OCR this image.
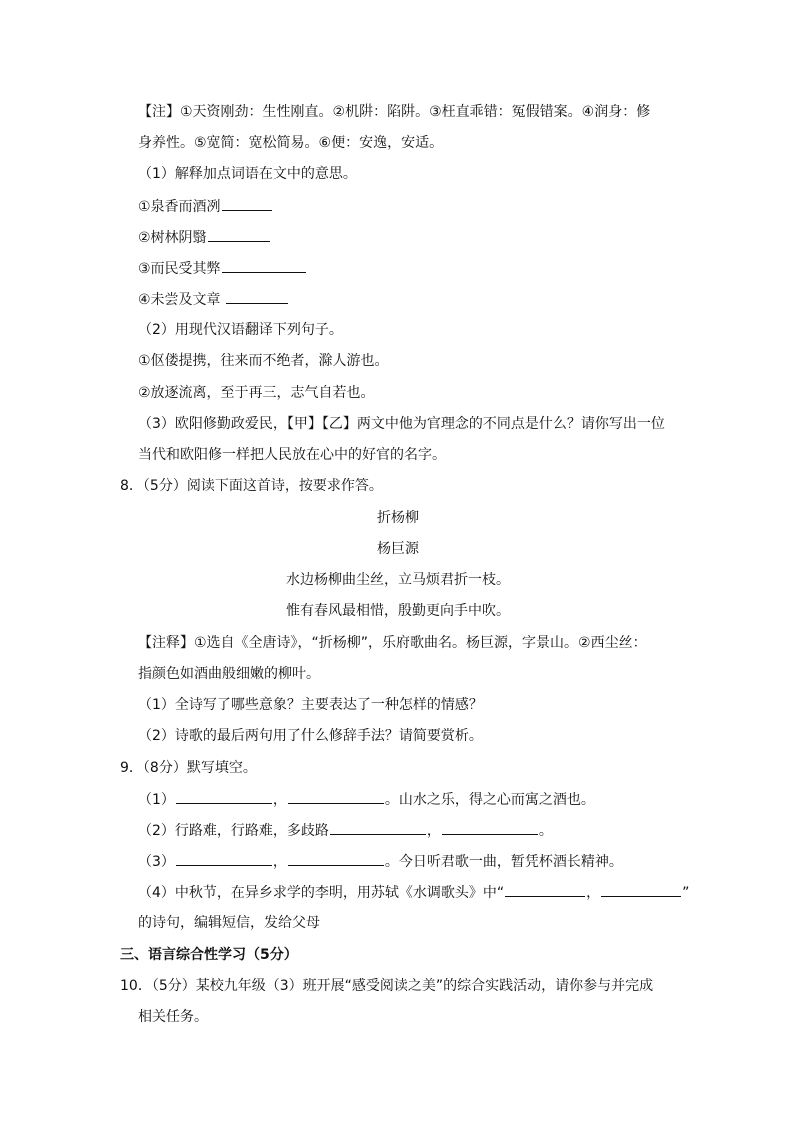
【注】①天资刚劲：生性刚直。②机阱：陷阱。③枉直乖错：冤假错案。④润身：修
身养性。⑤宽简：宽松简易。⑥便：安逸，安适。
（1）解释加点词语在文中的意思。
①泉香而酒冽
②树林阴翳
③而民受其弊
④未尝及文章
（2）用现代汉语翻译下列句子。
①伛偻提携，往来而不绝者，滁人游也。
②放逐流离，至于再三，志气自若也。
（3）欧阳修勤政爱民，【甲】【乙】两文中他为官理念的不同点是什么？请你写出一位
当代和欧阳修一样把人民放在心中的好官的名字。
8．（5分）阅读下面这首诗，按要求作答。
折杨柳
杨巨源
水边杨柳曲尘丝，立马烦君折一枝。
惟有春风最相惜，殷勤更向手中吹。
【注释】①选自《全唐诗》，“折杨柳”，乐府歌曲名。杨巨源，字景山。②西尘丝：
指颜色如酒曲般细嫩的柳叶。
（1）全诗写了哪些意象？主要表达了一种怎样的情感？
（2）诗歌的最后两句用了什么修辞手法？请简要赏析。
9．（8分）默写填空。
（1）	，	。山水之乐，得之心而寓之酒也。
（2）行路难，行路难，多歧路	，	。
（3）	，	。今日听君歌一曲，暂凭杯酒长精神。
（4）中秋节，在异乡求学的李明，用苏轼《水调歌头》中“	，	”
的诗句，编辑短信，发给父母
三、语言综合性学习（5分）
10．（5分）某校九年级（3）班开展“感受阅读之美”的综合实践活动，请你参与并完成
相关任务。
